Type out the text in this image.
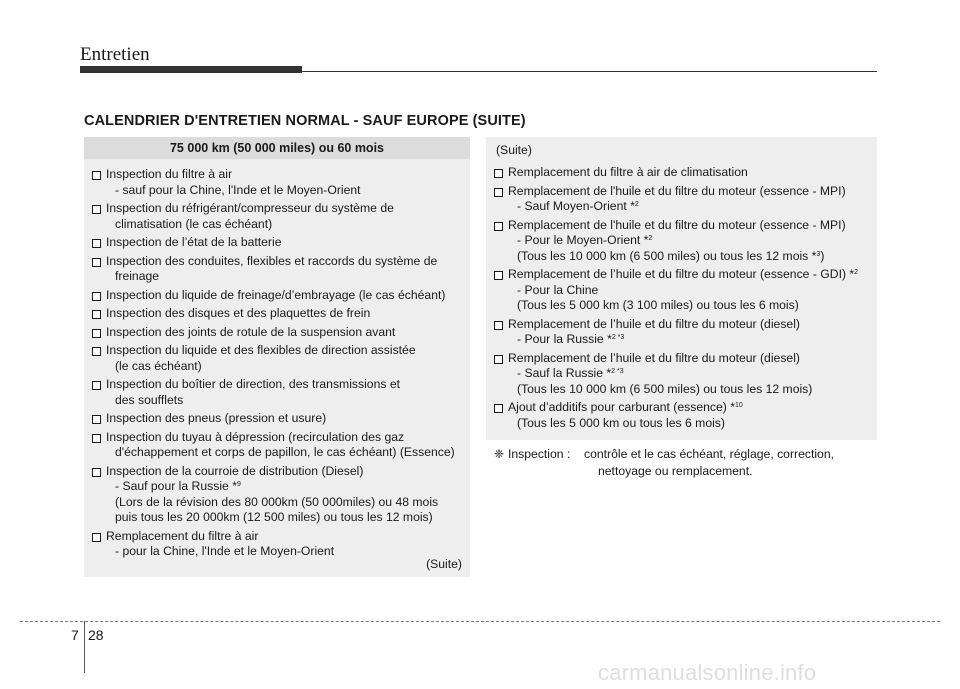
Entretien
CALENDRIER D'ENTRETIEN NORMAL - SAUF EUROPE (SUITE)
75 000 km (50 000 miles) ou 60 mois
Inspection du filtre à air
- sauf pour la Chine, l'Inde et le Moyen-Orient
Inspection du réfrigérant/compresseur du système de
climatisation (le cas échéant)
Inspection de l’état de la batterie
Inspection des conduites, flexibles et raccords du système de
freinage
Inspection du liquide de freinage/d’embrayage (le cas échéant)
Inspection des disques et des plaquettes de frein
Inspection des joints de rotule de la suspension avant
Inspection du liquide et des flexibles de direction assistée
(le cas échéant)
Inspection du boîtier de direction, des transmissions et
des soufflets
Inspection des pneus (pression et usure)
Inspection du tuyau à dépression (recirculation des gaz
d'échappement et corps de papillon, le cas échéant) (Essence)
Inspection de la courroie de distribution (Diesel)
- Sauf pour la Russie *$^9$
(Lors de la révision des 80 000km (50 000miles) ou 48 mois
puis tous les 20 000km (12 500 miles) ou tous les 12 mois)
Remplacement du filtre à air
- pour la Chine, l'Inde et le Moyen-Orient
(Suite)
(Suite)
Remplacement du filtre à air de climatisation
Remplacement de l'huile et du filtre du moteur (essence - MPI)
- Sauf Moyen-Orient *$^2$
Remplacement de l'huile et du filtre du moteur (essence - MPI)
- Pour le Moyen-Orient *$^2$
(Tous les 10 000 km (6 500 miles) ou tous les 12 mois *$^3$)
Remplacement de l’huile et du filtre du moteur (essence - GDI) *$^2$
- Pour la Chine
(Tous les 5 000 km (3 100 miles) ou tous les 6 mois)
Remplacement de l’huile et du filtre du moteur (diesel)
- Pour la Russie *$^{2 *3}$
Remplacement de l’huile et du filtre du moteur (diesel)
- Sauf la Russie *$^{2 *3}$
(Tous les 10 000 km (6 500 miles) ou tous les 12 mois)
Ajout d’additifs pour carburant (essence) *$^{10}$
(Tous les 5 000 km ou tous les 6 mois)
❈ Inspection :	contrôle et le cas échéant, réglage, correction,
nettoyage ou remplacement.
7 28
carmanualsonline.info
